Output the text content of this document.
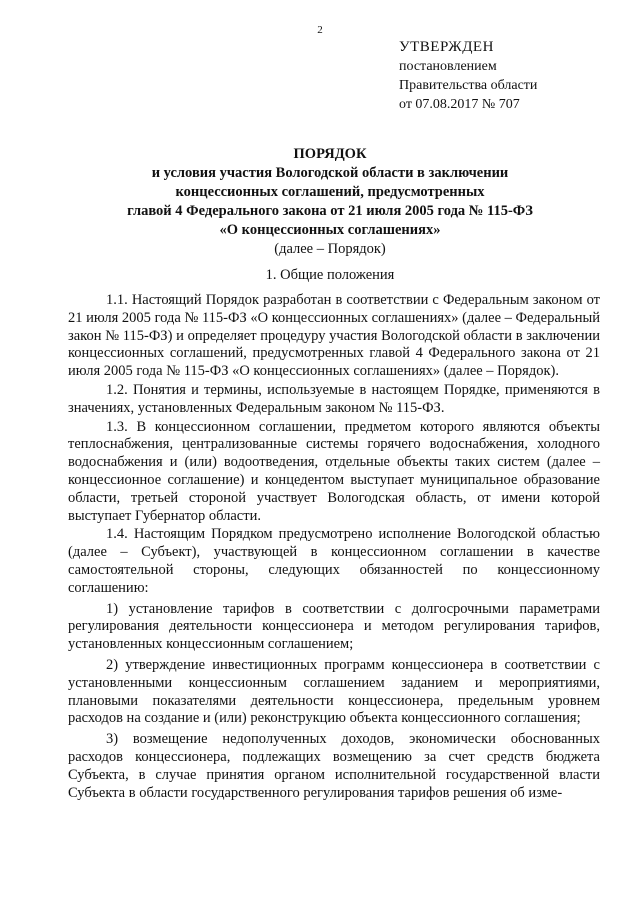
2
УТВЕРЖДЕН
постановлением
Правительства области
от 07.08.2017 № 707
ПОРЯДОК
и условия участия Вологодской области в заключении
концессионных соглашений, предусмотренных
главой 4 Федерального закона от 21 июля 2005 года № 115-ФЗ
«О концессионных соглашениях»
(далее – Порядок)
1. Общие положения

1.1. Настоящий Порядок разработан в соответствии с Федеральным законом от 21 июля 2005 года № 115-ФЗ «О концессионных соглашениях» (далее – Федеральный закон № 115-ФЗ) и определяет процедуру участия Вологодской области в заключении концессионных соглашений, предусмотренных главой 4 Федерального закона от 21 июля 2005 года № 115-ФЗ «О концессионных соглашениях» (далее – Порядок).

1.2. Понятия и термины, используемые в настоящем Порядке, применяются в значениях, установленных Федеральным законом № 115-ФЗ.

1.3. В концессионном соглашении, предметом которого являются объекты теплоснабжения, централизованные системы горячего водоснабжения, холодного водоснабжения и (или) водоотведения, отдельные объекты таких систем (далее – концессионное соглашение) и концедентом выступает муниципальное образование области, третьей стороной участвует Вологодская область, от имени которой выступает Губернатор области.

1.4. Настоящим Порядком предусмотрено исполнение Вологодской областью (далее – Субъект), участвующей в концессионном соглашении в качестве самостоятельной стороны, следующих обязанностей по концессионному соглашению:

1) установление тарифов в соответствии с долгосрочными параметрами регулирования деятельности концессионера и методом регулирования тарифов, установленных концессионным соглашением;

2) утверждение инвестиционных программ концессионера в соответствии с установленными концессионным соглашением заданием и мероприятиями, плановыми показателями деятельности концессионера, предельным уровнем расходов на создание и (или) реконструкцию объекта концессионного соглашения;

3) возмещение недополученных доходов, экономически обоснованных расходов концессионера, подлежащих возмещению за счет средств бюджета Субъекта, в случае принятия органом исполнительной государственной власти Субъекта в области государственного регулирования тарифов решения об изме-
